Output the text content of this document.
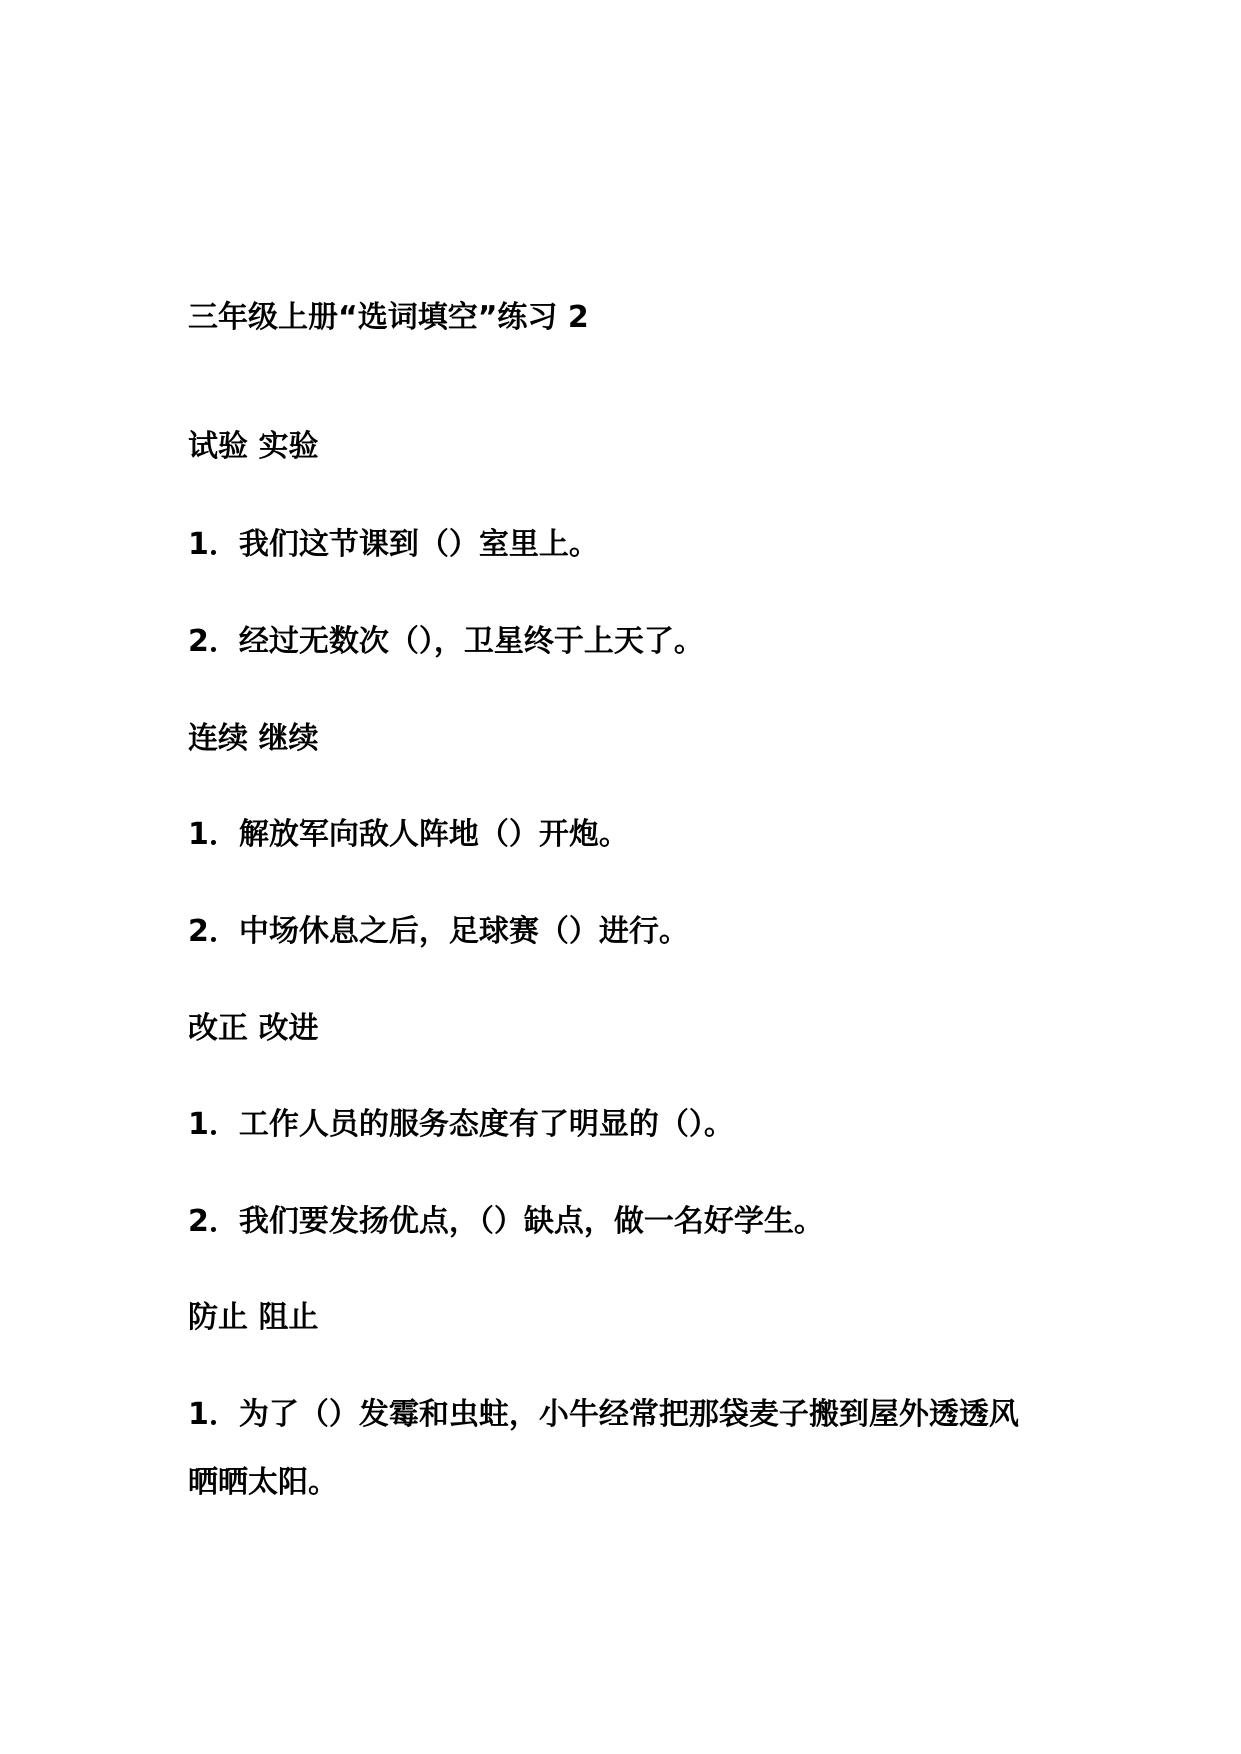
三年级上册“选词填空”练习 2
试验 实验
1．我们这节课到（）室里上。
2．经过无数次（），卫星终于上天了。
连续 继续
1．解放军向敌人阵地（）开炮。
2．中场休息之后，足球赛（）进行。
改正 改进
1．工作人员的服务态度有了明显的（）。
2．我们要发扬优点，（）缺点，做一名好学生。
防止 阻止
1．为了（）发霉和虫蛀，小牛经常把那袋麦子搬到屋外透透风晒晒太阳。
